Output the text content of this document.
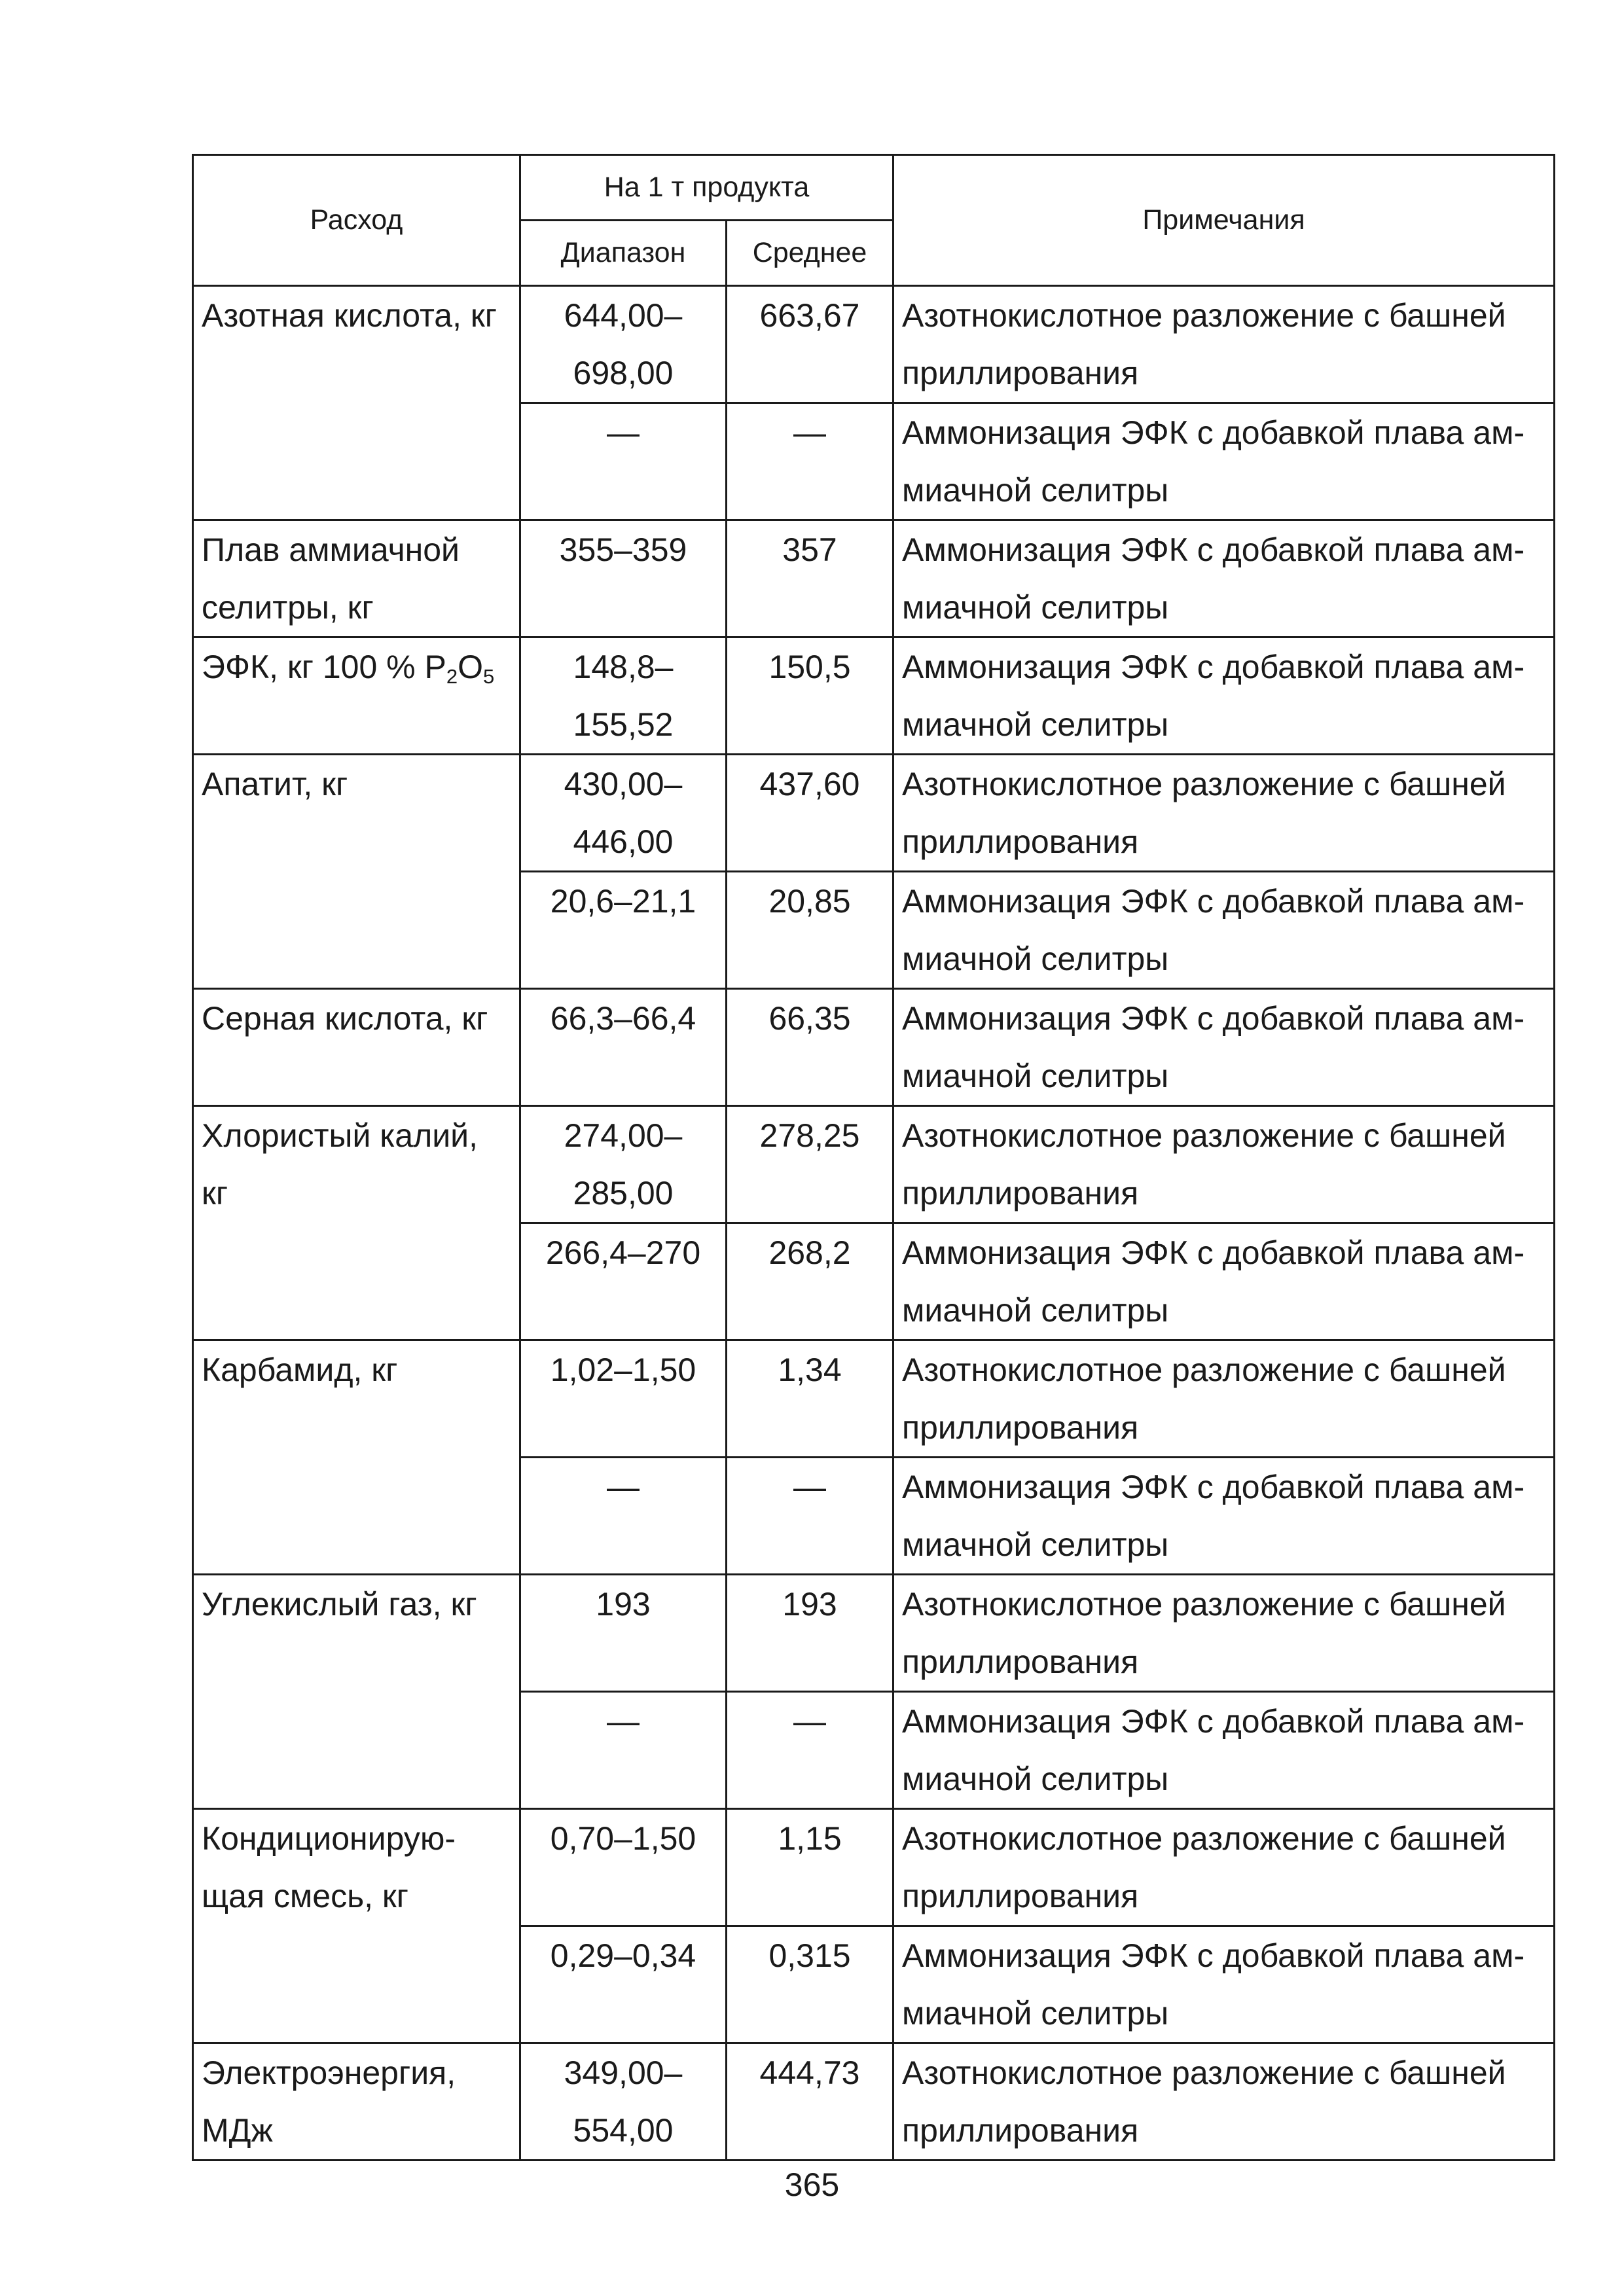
Расход	На 1 т продукта		Примечания
	Диапазон	Среднее	
Азотная кислота, кг	644,00–698,00	663,67	Азотнокислотное разложение с башней приллирования
	—	—	Аммонизация ЭФК с добавкой плава ам-миачной селитры
Плав аммиачной селитры, кг	355–359	357	Аммонизация ЭФК с добавкой плава ам-миачной селитры
ЭФК, кг 100 % $P_2O_5$	148,8–155,52	150,5	Аммонизация ЭФК с добавкой плава ам-миачной селитры
Апатит, кг	430,00–446,00	437,60	Азотнокислотное разложение с башней приллирования
	20,6–21,1	20,85	Аммонизация ЭФК с добавкой плава ам-миачной селитры
Серная кислота, кг	66,3–66,4	66,35	Аммонизация ЭФК с добавкой плава ам-миачной селитры
Хлористый калий, кг	274,00–285,00	278,25	Азотнокислотное разложение с башней приллирования
	266,4–270	268,2	Аммонизация ЭФК с добавкой плава ам-миачной селитры
Карбамид, кг	1,02–1,50	1,34	Азотнокислотное разложение с башней приллирования
	—	—	Аммонизация ЭФК с добавкой плава ам-миачной селитры
Углекислый газ, кг	193	193	Азотнокислотное разложение с башней приллирования
	—	—	Аммонизация ЭФК с добавкой плава ам-миачной селитры
Кондиционирую-щая смесь, кг	0,70–1,50	1,15	Азотнокислотное разложение с башней приллирования
	0,29–0,34	0,315	Аммонизация ЭФК с добавкой плава ам-миачной селитры
Электроэнергия, МДж	349,00–554,00	444,73	Азотнокислотное разложение с башней приллирования
365
